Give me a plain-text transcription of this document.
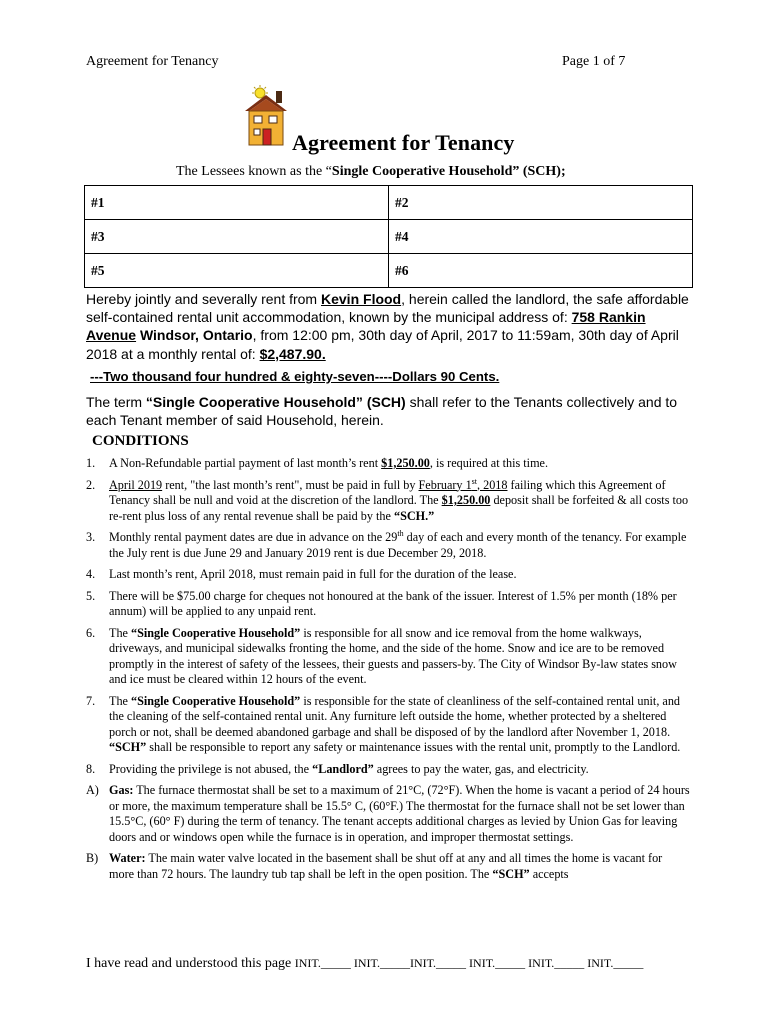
Agreement for Tenancy	Page 1 of 7
Agreement for Tenancy
The Lessees known as the “Single Cooperative Household” (SCH);
#1	#2
#3	#4
#5	#6
Hereby jointly and severally rent from Kevin Flood, herein called the landlord, the safe affordable self-contained rental unit accommodation, known by the municipal address of: 758 Rankin Avenue Windsor, Ontario, from 12:00 pm, 30th day of April, 2017 to 11:59am, 30th day of April 2018 at a monthly rental of: $2,487.90.
---Two thousand four hundred & eighty-seven----Dollars 90 Cents.
The term “Single Cooperative Household” (SCH) shall refer to the Tenants collectively and to each Tenant member of said Household, herein.
CONDITIONS
1. A Non-Refundable partial payment of last month’s rent $1,250.00, is required at this time.
2. April 2019 rent, "the last month’s rent", must be paid in full by February 1st, 2018 failing which this Agreement of Tenancy shall be null and void at the discretion of the landlord. The $1,250.00 deposit shall be forfeited & all costs too re-rent plus loss of any rental revenue shall be paid by the “SCH.”
3. Monthly rental payment dates are due in advance on the 29th day of each and every month of the tenancy. For example the July rent is due June 29 and January 2019 rent is due December 29, 2018.
4. Last month’s rent, April 2018, must remain paid in full for the duration of the lease.
5. There will be $75.00 charge for cheques not honoured at the bank of the issuer. Interest of 1.5% per month (18% per annum) will be applied to any unpaid rent.
6. The “Single Cooperative Household” is responsible for all snow and ice removal from the home walkways, driveways, and municipal sidewalks fronting the home, and the side of the home. Snow and ice are to be removed promptly in the interest of safety of the lessees, their guests and passers-by. The City of Windsor By-law states snow and ice must be cleared within 12 hours of the event.
7. The “Single Cooperative Household” is responsible for the state of cleanliness of the self-contained rental unit, and the cleaning of the self-contained rental unit. Any furniture left outside the home, whether protected by a sheltered porch or not, shall be deemed abandoned garbage and shall be disposed of by the landlord after November 1, 2018. “SCH” shall be responsible to report any safety or maintenance issues with the rental unit, promptly to the Landlord.
8. Providing the privilege is not abused, the “Landlord” agrees to pay the water, gas, and electricity.
A) Gas: The furnace thermostat shall be set to a maximum of 21°C, (72°F). When the home is vacant a period of 24 hours or more, the maximum temperature shall be 15.5° C, (60°F.) The thermostat for the furnace shall not be set lower than 15.5°C, (60° F) during the term of tenancy. The tenant accepts additional charges as levied by Union Gas for leaving doors and or windows open while the furnace is in operation, and improper thermostat settings.
B) Water: The main water valve located in the basement shall be shut off at any and all times the home is vacant for more than 72 hours. The laundry tub tap shall be left in the open position. The “SCH” accepts
I have read and understood this page INIT._____ INIT._____INIT._____ INIT._____ INIT._____ INIT._____
